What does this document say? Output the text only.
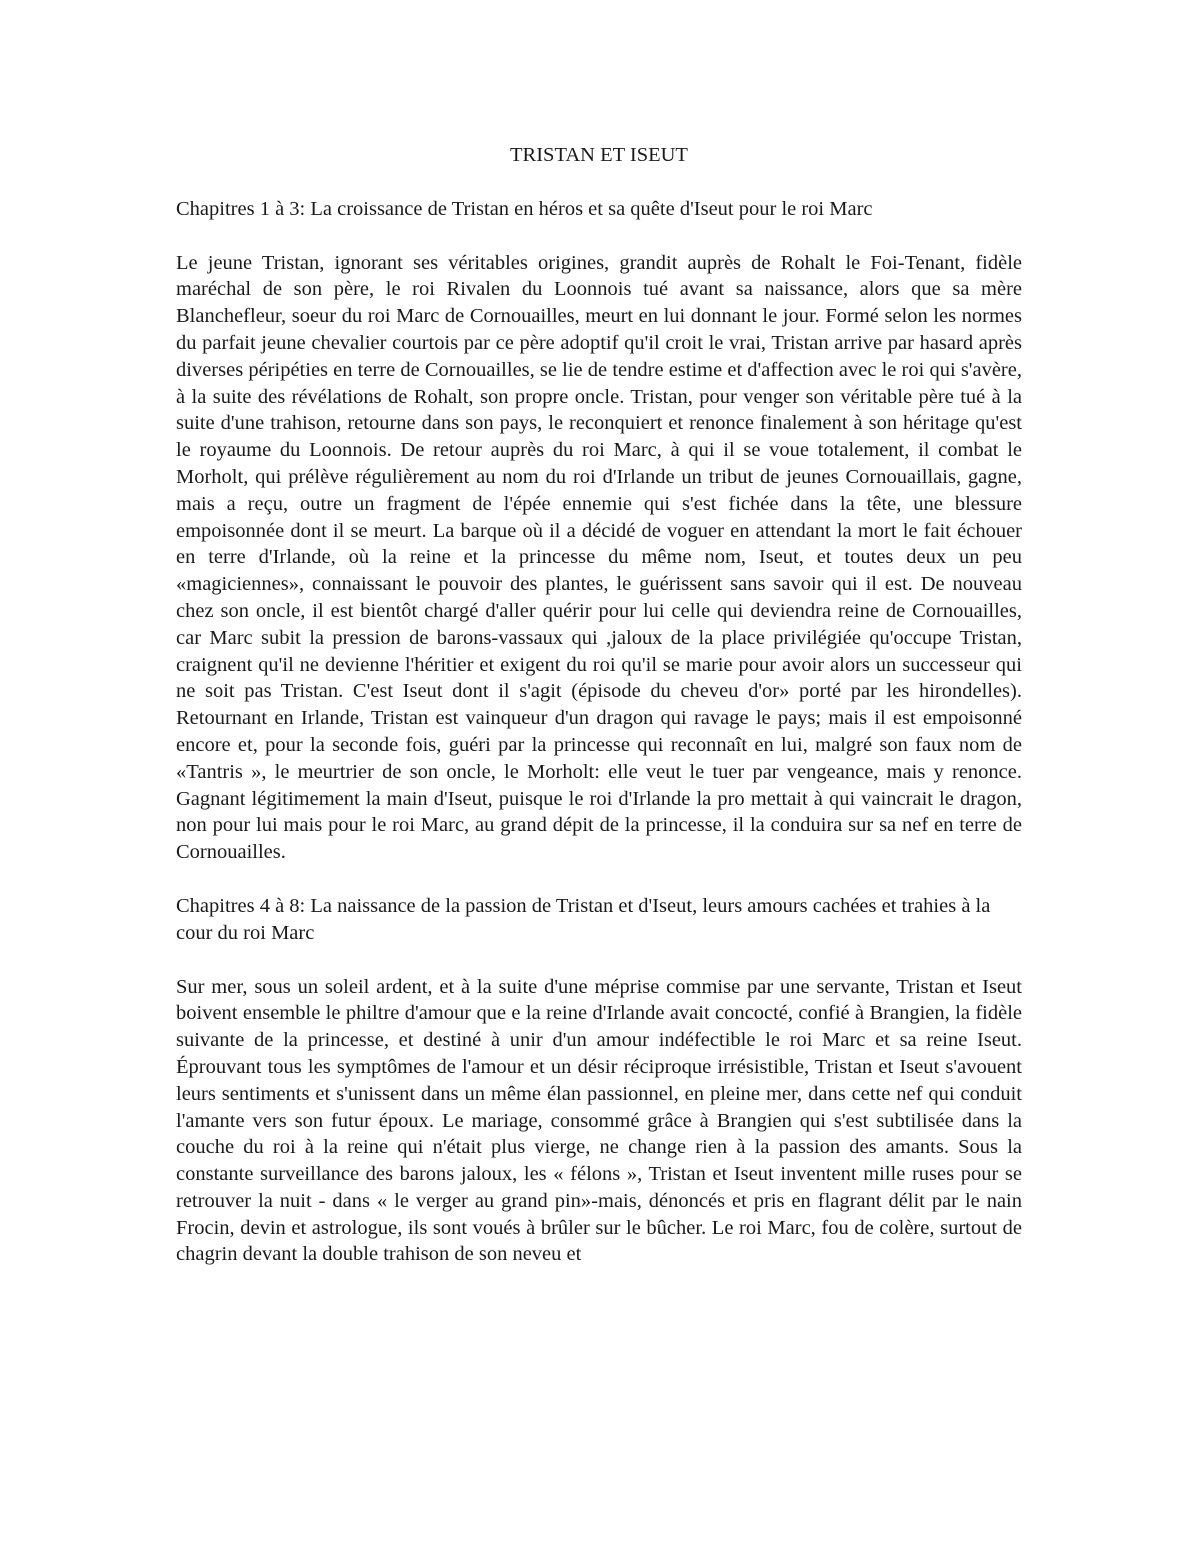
TRISTAN ET ISEUT
Chapitres 1 à 3: La croissance de Tristan en héros et sa quête d'Iseut pour le roi Marc
Le jeune Tristan, ignorant ses véritables origines, grandit auprès de Rohalt le Foi-Tenant, fidèle maréchal de son père, le roi Rivalen du Loonnois tué avant sa naissance, alors que sa mère Blanchefleur, soeur du roi Marc de Cornouailles, meurt en lui donnant le jour. Formé selon les normes du parfait jeune chevalier courtois par ce père adoptif qu'il croit le vrai, Tristan arrive par hasard après diverses péripéties en terre de Cornouailles, se lie de tendre estime et d'affection avec le roi qui s'avère, à la suite des révélations de Rohalt, son propre oncle. Tristan, pour venger son véritable père tué à la suite d'une trahison, retourne dans son pays, le reconquiert et renonce finalement à son héritage qu'est le royaume du Loonnois. De retour auprès du roi Marc, à qui il se voue totalement, il combat le Morholt, qui prélève régulièrement au nom du roi d'Irlande un tribut de jeunes Cornouaillais, gagne, mais a reçu, outre un fragment de l'épée ennemie qui s'est fichée dans la tête, une blessure empoisonnée dont il se meurt. La barque où il a décidé de voguer en attendant la mort le fait échouer en terre d'Irlande, où la reine et la princesse du même nom, Iseut, et toutes deux un peu «magiciennes», connaissant le pouvoir des plantes, le guérissent sans savoir qui il est. De nouveau chez son oncle, il est bientôt chargé d'aller quérir pour lui celle qui deviendra reine de Cornouailles, car Marc subit la pression de barons-vassaux qui ,jaloux de la place privilégiée qu'occupe Tristan, craignent qu'il ne devienne l'héritier et exigent du roi qu'il se marie pour avoir alors un successeur qui ne soit pas Tristan. C'est Iseut dont il s'agit (épisode du cheveu d'or» porté par les hirondelles). Retournant en Irlande, Tristan est vainqueur d'un dragon qui ravage le pays; mais il est empoisonné encore et, pour la seconde fois, guéri par la princesse qui reconnaît en lui, malgré son faux nom de «Tantris », le meurtrier de son oncle, le Morholt: elle veut le tuer par vengeance, mais y renonce. Gagnant légitimement la main d'Iseut, puisque le roi d'Irlande la pro mettait à qui vaincrait le dragon, non pour lui mais pour le roi Marc, au grand dépit de la princesse, il la conduira sur sa nef en terre de Cornouailles.
Chapitres 4 à 8: La naissance de la passion de Tristan et d'Iseut, leurs amours cachées et trahies à la cour du roi Marc
Sur mer, sous un soleil ardent, et à la suite d'une méprise commise par une servante, Tristan et Iseut boivent ensemble le philtre d'amour que e la reine d'Irlande avait concocté, confié à Brangien, la fidèle suivante de la princesse, et destiné à unir d'un amour indéfectible le roi Marc et sa reine Iseut. Éprouvant tous les symptômes de l'amour et un désir réciproque irrésistible, Tristan et Iseut s'avouent leurs sentiments et s'unissent dans un même élan passionnel, en pleine mer, dans cette nef qui conduit l'amante vers son futur époux. Le mariage, consommé grâce à Brangien qui s'est subtilisée dans la couche du roi à la reine qui n'était plus vierge, ne change rien à la passion des amants. Sous la constante surveillance des barons jaloux, les « félons », Tristan et Iseut inventent mille ruses pour se retrouver la nuit - dans « le verger au grand pin»-mais, dénoncés et pris en flagrant délit par le nain Frocin, devin et astrologue, ils sont voués à brûler sur le bûcher. Le roi Marc, fou de colère, surtout de chagrin devant la double trahison de son neveu et
